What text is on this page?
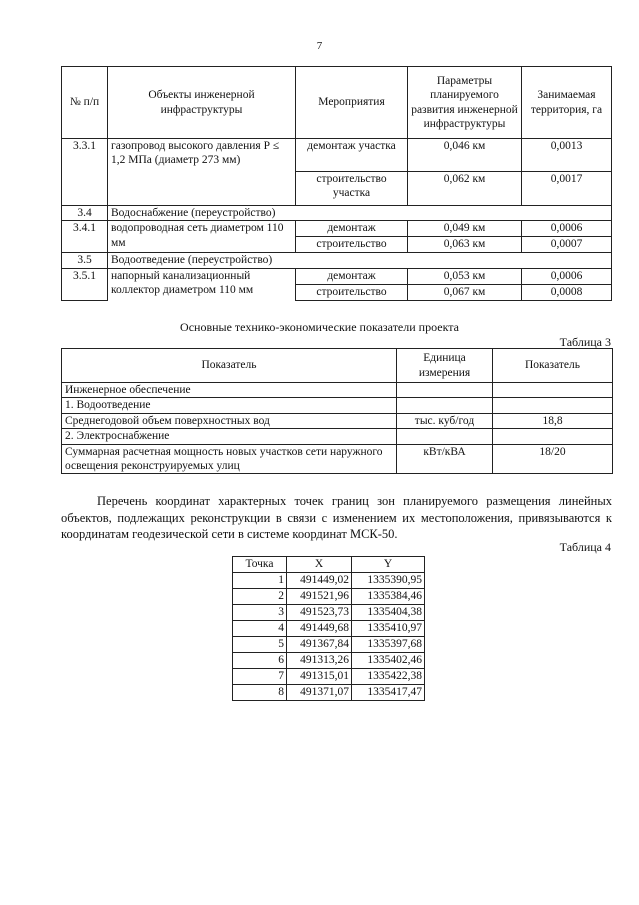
7
№ п/п	Объекты инженерной инфраструктуры	Мероприятия	Параметры планируемого развития инженерной инфраструктуры	Занимаемая территория, га
3.3.1	газопровод высокого давления Р ≤ 1,2 МПа (диаметр 273 мм)	демонтаж участка	0,046 км	0,0013
		строительство участка	0,062 км	0,0017
3.4	Водоснабжение (переустройство)			
3.4.1	водопроводная сеть диаметром 110 мм	демонтаж	0,049 км	0,0006
		строительство	0,063 км	0,0007
3.5	Водоотведение (переустройство)			
3.5.1	напорный канализационный коллектор диаметром 110 мм	демонтаж	0,053 км	0,0006
		строительство	0,067 км	0,0008
Основные технико-экономические показатели проекта
Таблица 3
Показатель	Единица измерения	Показатель
Инженерное обеспечение		
1. Водоотведение		
Среднегодовой объем поверхностных вод	тыс. куб/год	18,8
2. Электроснабжение		
Суммарная расчетная мощность новых участков сети наружного освещения реконструируемых улиц	кВт/кВА	18/20

Перечень координат характерных точек границ зон планируемого размещения линейных объектов, подлежащих реконструкции в связи с изменением их местоположения, привязываются к координатам геодезической сети в системе координат МСК-50.

Таблица 4
Точка	X	Y
1	491449,02	1335390,95
2	491521,96	1335384,46
3	491523,73	1335404,38
4	491449,68	1335410,97
5	491367,84	1335397,68
6	491313,26	1335402,46
7	491315,01	1335422,38
8	491371,07	1335417,47
